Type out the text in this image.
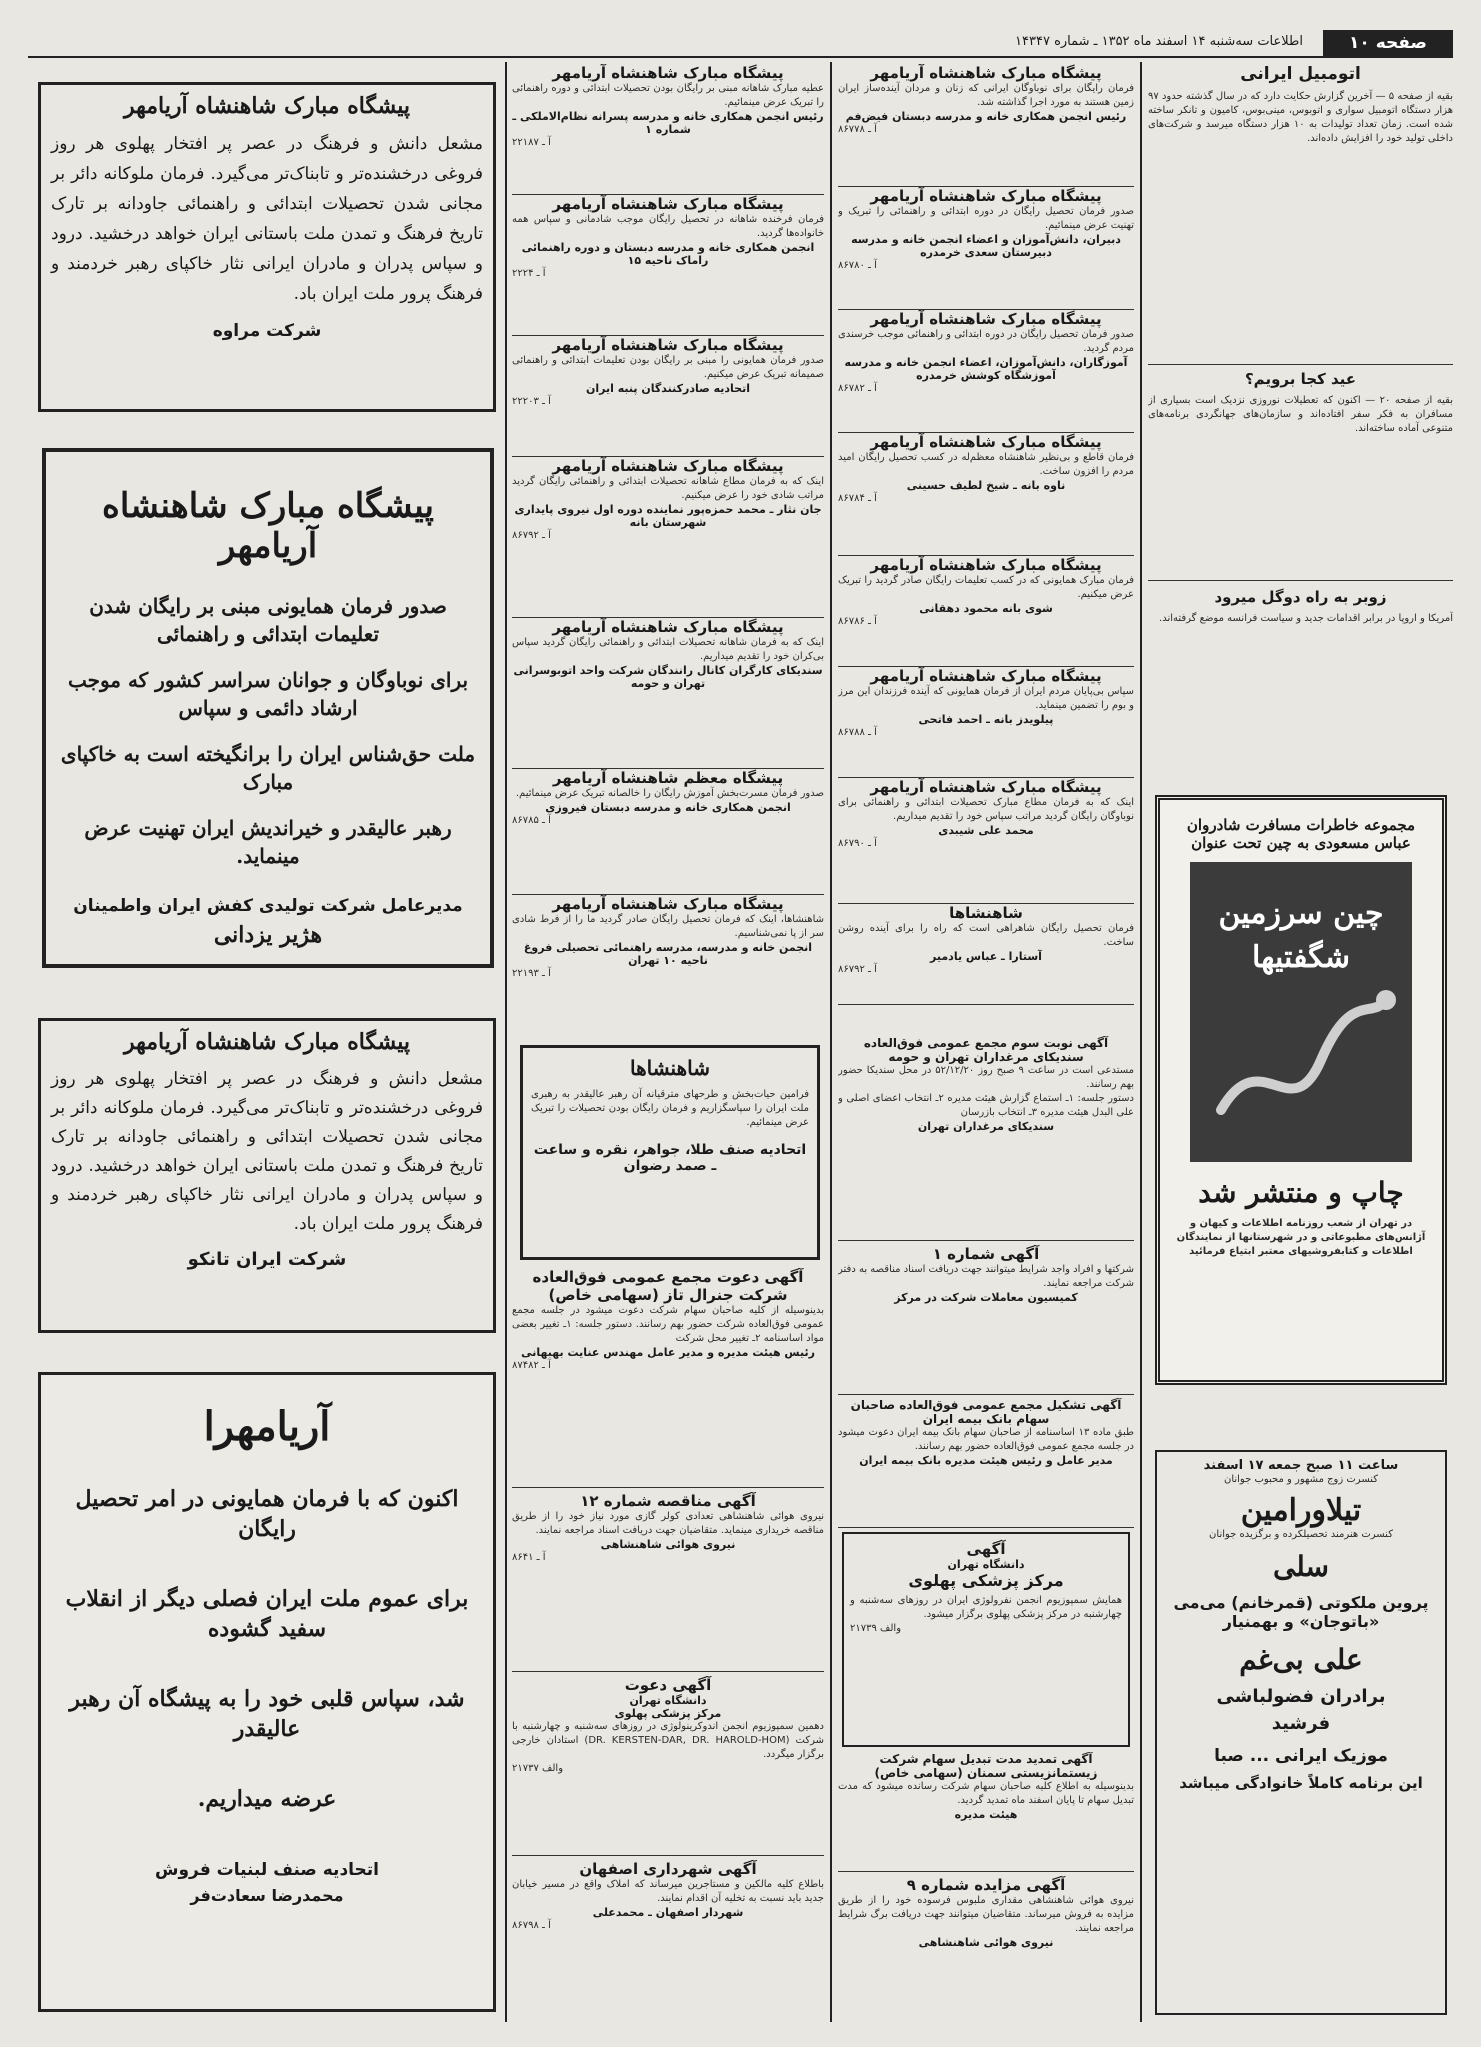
صفحه ۱۰
اطلاعات سه‌شنبه ۱۴ اسفند ماه ۱۳۵۲ ـ شماره ۱۴۳۴۷
اتومبیل ایرانی
بقیه از صفحه ۵ — آخرین گزارش حکایت دارد که در سال گذشته حدود ۹۷ هزار دستگاه اتومبیل سواری و اتوبوس، مینی‌بوس، کامیون و تانکر ساخته شده است. زمان تعداد تولیدات به ۱۰ هزار دستگاه میرسد و شرکت‌های داخلی تولید خود را افزایش داده‌اند.
عید کجا برویم؟
بقیه از صفحه ۲۰ — اکنون که تعطیلات نوروزی نزدیک است بسیاری از مسافران به فکر سفر افتاده‌اند و سازمان‌های جهانگردی برنامه‌های متنوعی آماده ساخته‌اند.
زوبر به راه دوگل میرود
آمریکا و اروپا در برابر اقدامات جدید و سیاست فرانسه موضع گرفته‌اند.
مجموعه خاطرات مسافرت شادروان
عباس مسعودی به چین تحت عنوان
چین سرزمین شگفتیها
چاپ و منتشر شد
در تهران از شعب روزنامه اطلاعات و کیهان و آژانس‌های مطبوعاتی و در شهرستانها از نمایندگان اطلاعات و کتابفروشیهای معتبر ابتیاع فرمائید
ساعت ۱۱ صبح جمعه ۱۷ اسفند
کنسرت زوج مشهور و محبوب جوانان
تیلاورامین
کنسرت هنرمند تحصیلکرده و برگزیده جوانان
سلی
پروین ملکوتی (قمرخانم) می‌می «باتوجان» و بهمنیار
علی بی‌غم
برادران فضولباشی
فرشید
موزیک ایرانی ... صبا
این برنامه کاملاً خانوادگی میباشد
پیشگاه مبارک شاهنشاه آریامهر
فرمان رایگان برای نوباوگان ایرانی که زنان و مردان آینده‌ساز ایران زمین هستند به مورد اجرا گذاشته شد.
رئیس انجمن همکاری خانه و مدرسه دبستان فیض‌فم
آ ـ ۸۶۷۷۸
پیشگاه مبارک شاهنشاه آریامهر
صدور فرمان تحصیل رایگان در دوره ابتدائی و راهنمائی را تبریک و تهنیت عرض مینمائیم.
دبیران، دانش‌آموزان و اعضاء انجمن خانه و مدرسه دبیرستان سعدی خرمدره
آ ـ ۸۶۷۸۰
پیشگاه مبارک شاهنشاه آریامهر
صدور فرمان تحصیل رایگان در دوره ابتدائی و راهنمائی موجب خرسندی مردم گردید.
آموزگاران، دانش‌آموزان، اعضاء انجمن خانه و مدرسه آموزشگاه کوشش خرمدره
آ ـ ۸۶۷۸۲
پیشگاه مبارک شاهنشاه آریامهر
فرمان قاطع و بی‌نظیر شاهنشاه معظم‌له در کسب تحصیل رایگان امید مردم را افزون ساخت.
ناوه بانه ـ شیخ لطیف حسینی
آ ـ ۸۶۷۸۴
پیشگاه مبارک شاهنشاه آریامهر
فرمان مبارک همایونی که در کسب تعلیمات رایگان صادر گردید را تبریک عرض میکنیم.
شوی بانه محمود دهقانی
آ ـ ۸۶۷۸۶
پیشگاه مبارک شاهنشاه آریامهر
سپاس بی‌پایان مردم ایران از فرمان همایونی که آینده فرزندان این مرز و بوم را تضمین مینماید.
پیلویدز بانه ـ احمد فاتحی
آ ـ ۸۶۷۸۸
پیشگاه مبارک شاهنشاه آریامهر
اینک که به فرمان مطاع مبارک تحصیلات ابتدائی و راهنمائی برای نوباوگان رایگان گردید مراتب سپاس خود را تقدیم میداریم.
محمد علی شیبدی
آ ـ ۸۶۷۹۰
شاهنشاها
فرمان تحصیل رایگان شاهراهی است که راه را برای آینده روشن ساخت.
آستارا ـ عباس یادمیر
آ ـ ۸۶۷۹۲
آگهی نوبت سوم مجمع عمومی فوق‌العاده سندیکای مرغداران تهران و حومه
مستدعی است در ساعت ۹ صبح روز ۵۲/۱۲/۲۰ در محل سندیکا حضور بهم رسانند.
دستور جلسه: ۱ـ استماع گزارش هیئت مدیره ۲ـ انتخاب اعضای اصلی و علی البدل هیئت مدیره ۳ـ انتخاب بازرسان
سندیکای مرغداران تهران
آگهی شماره ۱
شرکتها و افراد واجد شرایط میتوانند جهت دریافت اسناد مناقصه به دفتر شرکت مراجعه نمایند.
کمیسیون معاملات شرکت در مرکز
آگهی تشکیل مجمع عمومی فوق‌العاده صاحبان سهام بانک بیمه ایران
طبق ماده ۱۳ اساسنامه از صاحبان سهام بانک بیمه ایران دعوت میشود در جلسه مجمع عمومی فوق‌العاده حضور بهم رسانند.
مدیر عامل و رئیس هیئت مدیره بانک بیمه ایران
آگهی
دانشگاه تهران
مرکز پزشکی پهلوی
همایش سمپوزیوم انجمن نفرولوژی ایران در روزهای سه‌شنبه و چهارشنبه در مرکز پزشکی پهلوی برگزار میشود.
والف ۲۱۷۳۹
آگهی تمدید مدت تبدیل سهام شرکت زیستمانزیستی سمنان (سهامی خاص)
بدینوسیله به اطلاع کلیه صاحبان سهام شرکت رسانده میشود که مدت تبدیل سهام تا پایان اسفند ماه تمدید گردید.
هیئت مدیره
آگهی مزایده شماره ۹
نیروی هوائی شاهنشاهی مقداری ملبوس فرسوده خود را از طریق مزایده به فروش میرساند. متقاضیان میتوانند جهت دریافت برگ شرایط مراجعه نمایند.
نیروی هوائی شاهنشاهی
پیشگاه مبارک شاهنشاه آریامهر
عطیه مبارک شاهانه مبنی بر رایگان بودن تحصیلات ابتدائی و دوره راهنمائی را تبریک عرض مینمائیم.
رئیس انجمن همکاری خانه و مدرسه پسرانه نظام‌الاملکی ـ شماره ۱
آ ـ ۲۲۱۸۷
پیشگاه مبارک شاهنشاه آریامهر
فرمان فرخنده شاهانه در تحصیل رایگان موجب شادمانی و سپاس همه خانواده‌ها گردید.
انجمن همکاری خانه و مدرسه دبستان و دوره راهنمائی راماک ناحیه ۱۵
آ ـ ۲۲۲۴
پیشگاه مبارک شاهنشاه آریامهر
صدور فرمان همایونی را مبنی بر رایگان بودن تعلیمات ابتدائی و راهنمائی صمیمانه تبریک عرض میکنیم.
اتحادیه صادرکنندگان پنبه ایران
آ ـ ۲۲۲۰۳
پیشگاه مبارک شاهنشاه آریامهر
اینک که به فرمان مطاع شاهانه تحصیلات ابتدائی و راهنمائی رایگان گردید مراتب شادی خود را عرض میکنیم.
جان نثار ـ محمد حمزه‌پور نماینده دوره اول نیروی پایداری شهرستان بانه
آ ـ ۸۶۷۹۲
پیشگاه مبارک شاهنشاه آریامهر
اینک که به فرمان شاهانه تحصیلات ابتدائی و راهنمائی رایگان گردید سپاس بی‌کران خود را تقدیم میداریم.
سندیکای کارگران کانال رانندگان شرکت واحد اتوبوسرانی تهران و حومه
پیشگاه معظم شاهنشاه آریامهر
صدور فرمان مسرت‌بخش آموزش رایگان را خالصانه تبریک عرض مینمائیم.
انجمن همکاری خانه و مدرسه دبستان فیروزی
آ ـ ۸۶۷۸۵
پیشگاه مبارک شاهنشاه آریامهر
شاهنشاها، اینک که فرمان تحصیل رایگان صادر گردید ما را از فرط شادی سر از پا نمی‌شناسیم.
انجمن خانه و مدرسه، مدرسه راهنمائی تحصیلی فروغ ناحیه ۱۰ تهران
آ ـ ۲۲۱۹۳
شاهنشاها
فرامین حیات‌بخش و طرحهای مترقیانه آن رهبر عالیقدر به رهبری ملت ایران را سپاسگزاریم و فرمان رایگان بودن تحصیلات را تبریک عرض مینمائیم.
اتحادیه صنف طلا، جواهر، نقره و ساعت ـ صمد رضوان
آگهی دعوت مجمع عمومی فوق‌العاده
شرکت جنرال تاز (سهامی خاص)
بدینوسیله از کلیه صاحبان سهام شرکت دعوت میشود در جلسه مجمع عمومی فوق‌العاده شرکت حضور بهم رسانند. دستور جلسه: ۱ـ تغییر بعضی مواد اساسنامه ۲ـ تغییر محل شرکت
رئیس هیئت مدیره و مدیر عامل مهندس عنایت بهبهانی
آ ـ ۸۷۴۸۲
آگهی مناقصه شماره ۱۲
نیروی هوائی شاهنشاهی تعدادی کولر گازی مورد نیاز خود را از طریق مناقصه خریداری مینماید. متقاضیان جهت دریافت اسناد مراجعه نمایند.
نیروی هوائی شاهنشاهی
آ ـ ۸۶۴۱
آگهی دعوت
دانشگاه تهران
مرکز پزشکی پهلوی
دهمین سمپوزیوم انجمن اندوکرینولوژی در روزهای سه‌شنبه و چهارشنبه با شرکت (DR. KERSTEN-DAR, DR. HAROLD-HOM) استادان خارجی برگزار میگردد.
والف ۲۱۷۳۷
آگهی شهرداری اصفهان
باطلاع کلیه مالکین و مستاجرین میرساند که املاک واقع در مسیر خیابان جدید باید نسبت به تخلیه آن اقدام نمایند.
شهردار اصفهان ـ محمدعلی
آ ـ ۸۶۷۹۸
پیشگاه مبارک شاهنشاه آریامهر
مشعل دانش و فرهنگ در عصر پر افتخار پهلوی هر روز فروغی درخشنده‌تر و تابناک‌تر می‌گیرد. فرمان ملوکانه دائر بر مجانی شدن تحصیلات ابتدائی و راهنمائی جاودانه بر تارک تاریخ فرهنگ و تمدن ملت باستانی ایران خواهد درخشید. درود و سپاس پدران و مادران ایرانی نثار خاکپای رهبر خردمند و فرهنگ پرور ملت ایران باد.
شرکت مراوه
پیشگاه مبارک شاهنشاه آریامهر
صدور فرمان همایونی مبنی بر رایگان شدن تعلیمات ابتدائی و راهنمائی
برای نوباوگان و جوانان سراسر کشور که موجب ارشاد دائمی و سپاس
ملت حق‌شناس ایران را برانگیخته است به خاکپای مبارک
رهبر عالیقدر و خیراندیش ایران تهنیت عرض مینماید.
مدیرعامل شرکت تولیدی کفش ایران واطمینان
هژیر یزدانی
پیشگاه مبارک شاهنشاه آریامهر
مشعل دانش و فرهنگ در عصر پر افتخار پهلوی هر روز فروغی درخشنده‌تر و تابناک‌تر می‌گیرد. فرمان ملوکانه دائر بر مجانی شدن تحصیلات ابتدائی و راهنمائی جاودانه بر تارک تاریخ فرهنگ و تمدن ملت باستانی ایران خواهد درخشید. درود و سپاس پدران و مادران ایرانی نثار خاکپای رهبر خردمند و فرهنگ پرور ملت ایران باد.
شرکت ایران تانکو
آریامهرا
اکنون که با فرمان همایونی در امر تحصیل رایگان
برای عموم ملت ایران فصلی دیگر از انقلاب سفید گشوده
شد، سپاس قلبی خود را به پیشگاه آن رهبر عالیقدر
عرضه میداریم.
اتحادیه صنف لبنیات فروش
محمدرضا سعادت‌فر
